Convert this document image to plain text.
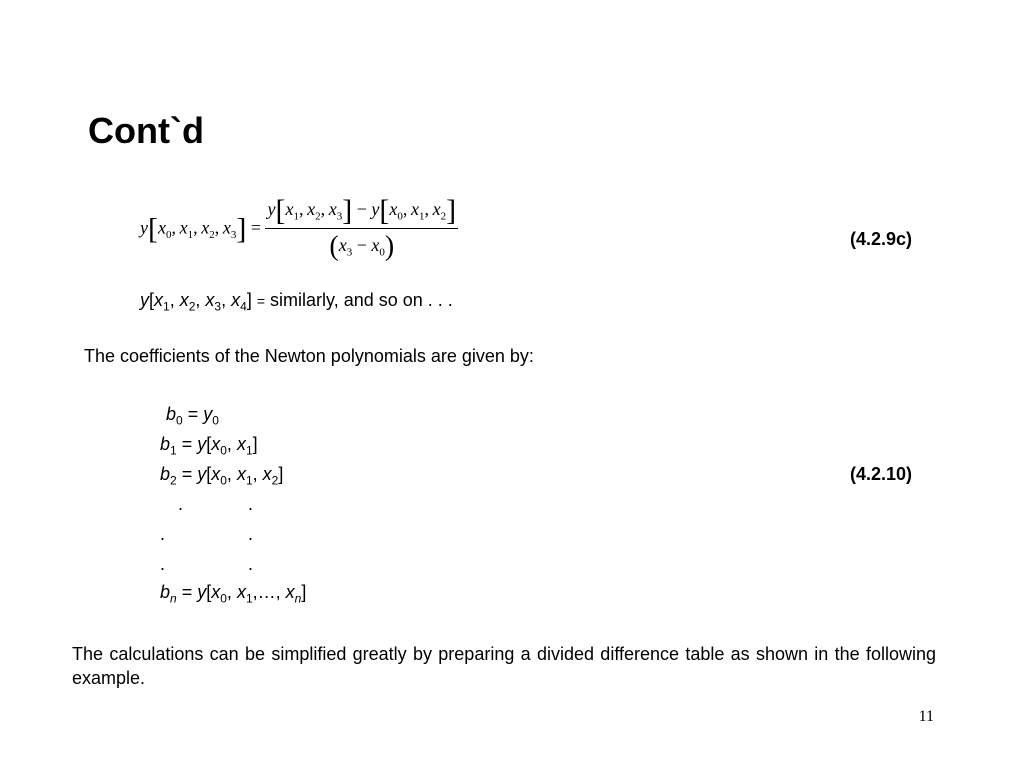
Cont`d
$y[x_0$, $x_1$, $x_2$, $x_3] = \frac{y[x_1, x_2, x_3] - y[x_0, x_1, x_2]}{(x_3 - x_0)}$	(4.2.9c)
$y[x_1$, $x_2$, $x_3$, $x_4$] = similarly, and so on . . .
The coefficients of the Newton polynomials are given by:
$b_0 = y_0$
$b_1 = y[x_0$, $x_1$]
$b_2 = y[x_0$, $x_1$, $x_2$]	(4.2.10)
.	.
.	.
.	.
$b_n = y[x_0$, $x_1,\dots$, $x_n$]
The calculations can be simplified greatly by preparing a divided difference table as shown in the following example.
11
